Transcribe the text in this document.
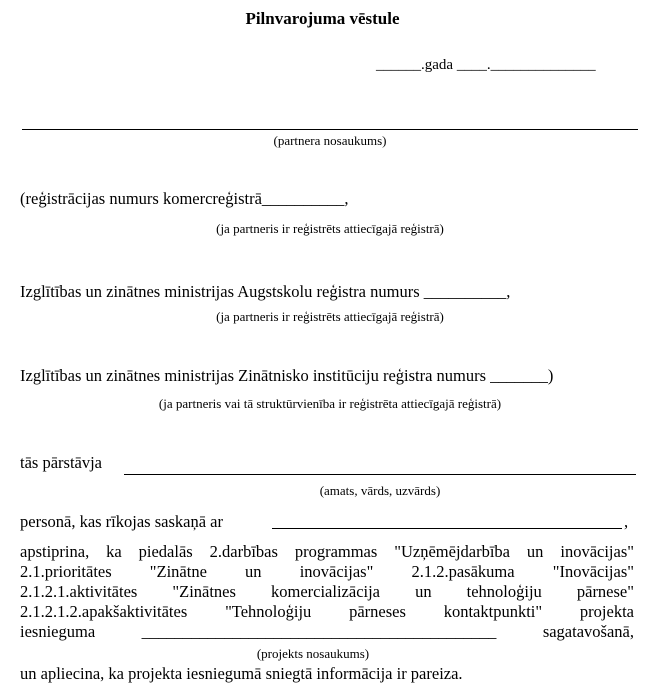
Pilnvarojuma vēstule
______.gada ____.______________
(partnera nosaukums)
(reģistrācijas numurs komercreģistrā__________,
(ja partneris ir reģistrēts attiecīgajā reģistrā)
Izglītības un zinātnes ministrijas Augstskolu reģistra numurs __________,
(ja partneris ir reģistrēts attiecīgajā reģistrā)
Izglītības un zinātnes ministrijas Zinātnisko institūciju reģistra numurs _______)
(ja partneris vai tā struktūrvienība ir reģistrēta attiecīgajā reģistrā)
tās pārstāvja
(amats, vārds, uzvārds)
personā, kas rīkojas saskaņā ar	,
apstiprina, ka piedalās 2.darbības programmas "Uzņēmējdarbība un inovācijas"
2.1.prioritātes "Zinātne un inovācijas" 2.1.2.pasākuma "Inovācijas"
2.1.2.1.aktivitātes "Zinātnes komercializācija un tehnoloģiju pārnese"
2.1.2.1.2.apakšaktivitātes "Tehnoloģiju pārneses kontaktpunkti" projekta
iesnieguma ___________________________________________ sagatavošanā,
(projekts nosaukums)
un apliecina, ka projekta iesniegumā sniegtā informācija ir pareiza.
